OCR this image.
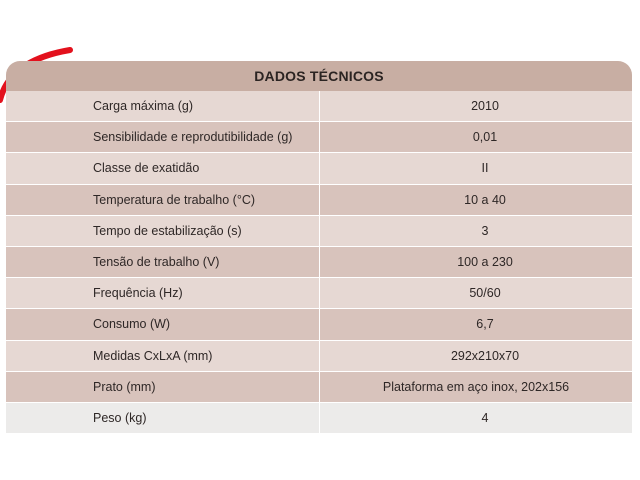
DADOS TÉCNICOS
Carga máxima (g)	2010
Sensibilidade e reprodutibilidade (g)	0,01
Classe de exatidão	II
Temperatura de trabalho (°C)	10 a 40
Tempo de estabilização (s)	3
Tensão de trabalho (V)	100 a 230
Frequência (Hz)	50/60
Consumo (W)	6,7
Medidas CxLxA (mm)	292x210x70
Prato (mm)	Plataforma em aço inox, 202x156
Peso (kg)	4
